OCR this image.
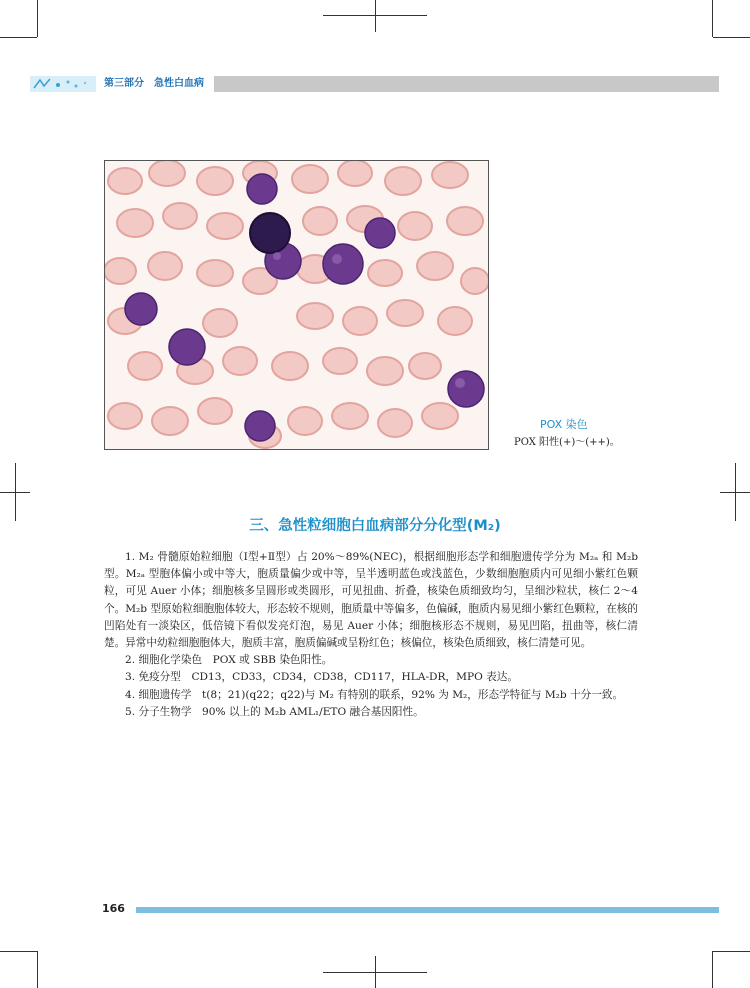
第三部分　急性白血病
POX 染色
POX 阳性(+)～(++)。
三、急性粒细胞白血病部分分化型(M₂)

1. M₂ 骨髓原始粒细胞（Ⅰ型+Ⅱ型）占 20%～89%(NEC)，根据细胞形态学和细胞遗传学分为 M₂ₐ 和 M₂b 型。M₂ₐ 型胞体偏小或中等大，胞质量偏少或中等，呈半透明蓝色或浅蓝色，少数细胞胞质内可见细小紫红色颗粒，可见 Auer 小体；细胞核多呈圆形或类圆形，可见扭曲、折叠，核染色质细致均匀，呈细沙粒状，核仁 2～4 个。M₂b 型原始粒细胞胞体较大，形态较不规则，胞质量中等偏多，色偏碱，胞质内易见细小紫红色颗粒，在核的凹陷处有一淡染区，低倍镜下看似发亮灯泡，易见 Auer 小体；细胞核形态不规则，易见凹陷，扭曲等，核仁清楚。异常中幼粒细胞胞体大，胞质丰富，胞质偏碱或呈粉红色；核偏位，核染色质细致，核仁清楚可见。

2. 细胞化学染色　POX 或 SBB 染色阳性。

3. 免疫分型　CD13，CD33，CD34，CD38，CD117，HLA-DR，MPO 表达。

4. 细胞遗传学　t(8；21)(q22；q22)与 M₂ 有特别的联系，92% 为 M₂，形态学特征与 M₂b 十分一致。

5. 分子生物学　90% 以上的 M₂b AML₁/ETO 融合基因阳性。

166
